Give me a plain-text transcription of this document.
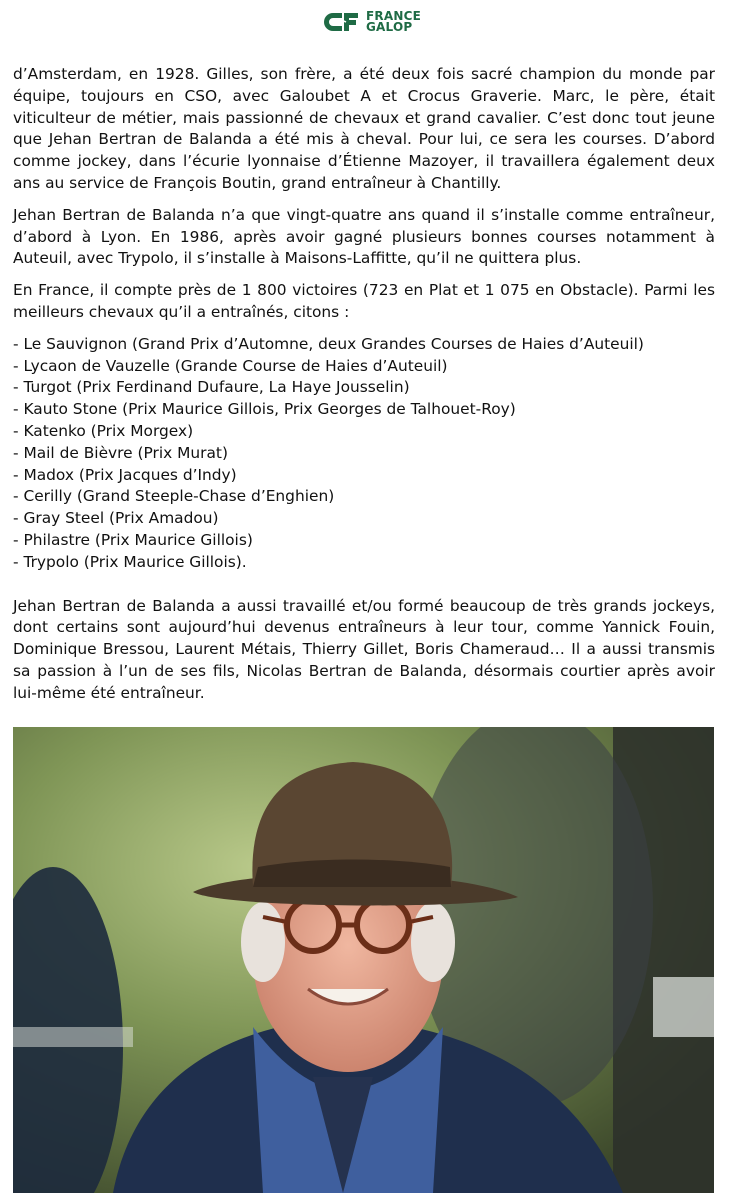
FRANCE
GALOP

d’Amsterdam, en 1928. Gilles, son frère, a été deux fois sacré champion du monde par équipe, toujours en CSO, avec Galoubet A et Crocus Graverie. Marc, le père, était viticulteur de métier, mais passionné de chevaux et grand cavalier. C’est donc tout jeune que Jehan Bertran de Balanda a été mis à cheval. Pour lui, ce sera les courses. D’abord comme jockey, dans l’écurie lyonnaise d’Étienne Mazoyer, il travaillera également deux ans au service de François Boutin, grand entraîneur à Chantilly.

Jehan Bertran de Balanda n’a que vingt-quatre ans quand il s’installe comme entraîneur, d’abord à Lyon. En 1986, après avoir gagné plusieurs bonnes courses notamment à Auteuil, avec Trypolo, il s’installe à Maisons-Laffitte, qu’il ne quittera plus.

En France, il compte près de 1 800 victoires (723 en Plat et 1 075 en Obstacle). Parmi les meilleurs chevaux qu’il a entraînés, citons :

- Le Sauvignon (Grand Prix d’Automne, deux Grandes Courses de Haies d’Auteuil)
- Lycaon de Vauzelle (Grande Course de Haies d’Auteuil)
- Turgot (Prix Ferdinand Dufaure, La Haye Jousselin)
- Kauto Stone (Prix Maurice Gillois, Prix Georges de Talhouet-Roy)
- Katenko (Prix Morgex)
- Mail de Bièvre (Prix Murat)
- Madox (Prix Jacques d’Indy)
- Cerilly (Grand Steeple-Chase d’Enghien)
- Gray Steel (Prix Amadou)
- Philastre (Prix Maurice Gillois)
- Trypolo (Prix Maurice Gillois).

Jehan Bertran de Balanda a aussi travaillé et/ou formé beaucoup de très grands jockeys, dont certains sont aujourd’hui devenus entraîneurs à leur tour, comme Yannick Fouin, Dominique Bressou, Laurent Métais, Thierry Gillet, Boris Chameraud… Il a aussi transmis sa passion à l’un de ses fils, Nicolas Bertran de Balanda, désormais courtier après avoir lui-même été entraîneur.
